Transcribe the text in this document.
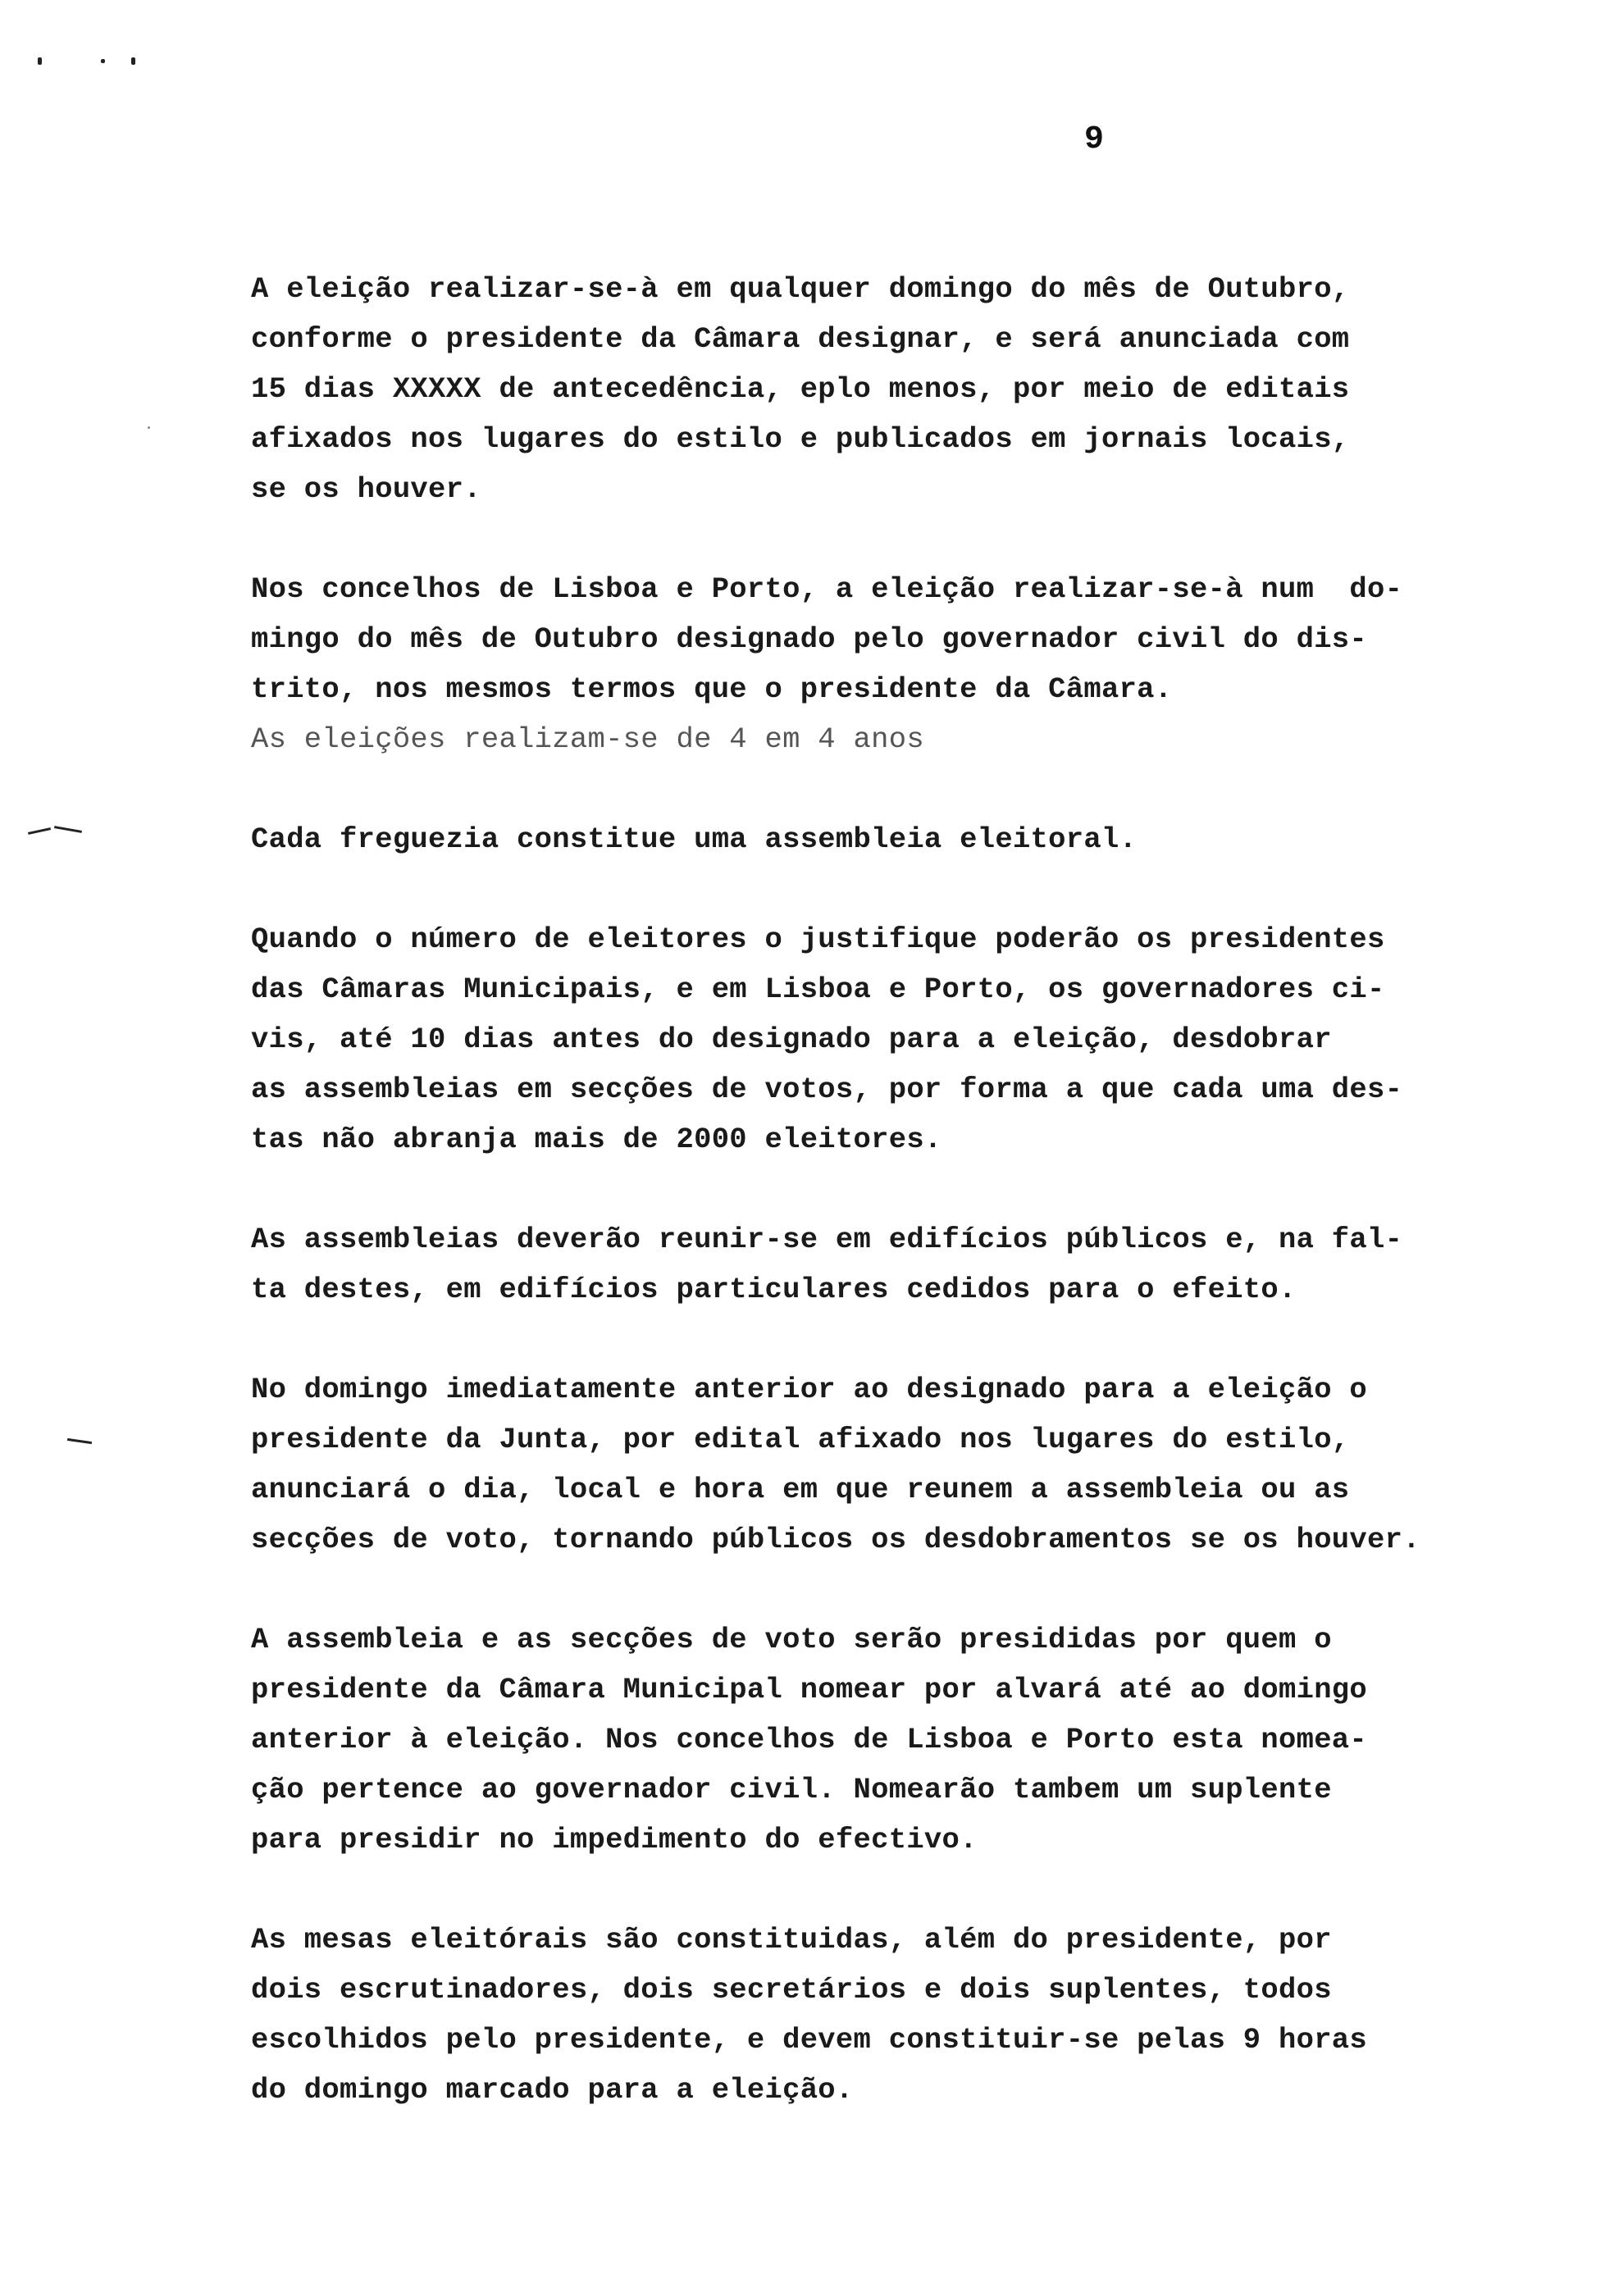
9
A eleição realizar-se-à em qualquer domingo do mês de Outubro,
conforme o presidente da Câmara designar, e será anunciada com
15 dias XXXXX de antecedência, eplo menos, por meio de editais
afixados nos lugares do estilo e publicados em jornais locais,
se os houver.
Nos concelhos de Lisboa e Porto, a eleição realizar-se-à num  do-
mingo do mês de Outubro designado pelo governador civil do dis-
trito, nos mesmos termos que o presidente da Câmara.
As eleições realizam-se de 4 em 4 anos
Cada freguezia constitue uma assembleia eleitoral.
Quando o número de eleitores o justifique poderão os presidentes
das Câmaras Municipais, e em Lisboa e Porto, os governadores ci-
vis, até 10 dias antes do designado para a eleição, desdobrar
as assembleias em secções de votos, por forma a que cada uma des-
tas não abranja mais de 2000 eleitores.
As assembleias deverão reunir-se em edifícios públicos e, na fal-
ta destes, em edifícios particulares cedidos para o efeito.
No domingo imediatamente anterior ao designado para a eleição o
presidente da Junta, por edital afixado nos lugares do estilo,
anunciará o dia, local e hora em que reunem a assembleia ou as
secções de voto, tornando públicos os desdobramentos se os houver.
A assembleia e as secções de voto serão presididas por quem o
presidente da Câmara Municipal nomear por alvará até ao domingo
anterior à eleição. Nos concelhos de Lisboa e Porto esta nomea-
ção pertence ao governador civil. Nomearão tambem um suplente
para presidir no impedimento do efectivo.
As mesas eleitórais são constituidas, além do presidente, por
dois escrutinadores, dois secretários e dois suplentes, todos
escolhidos pelo presidente, e devem constituir-se pelas 9 horas
do domingo marcado para a eleição.
